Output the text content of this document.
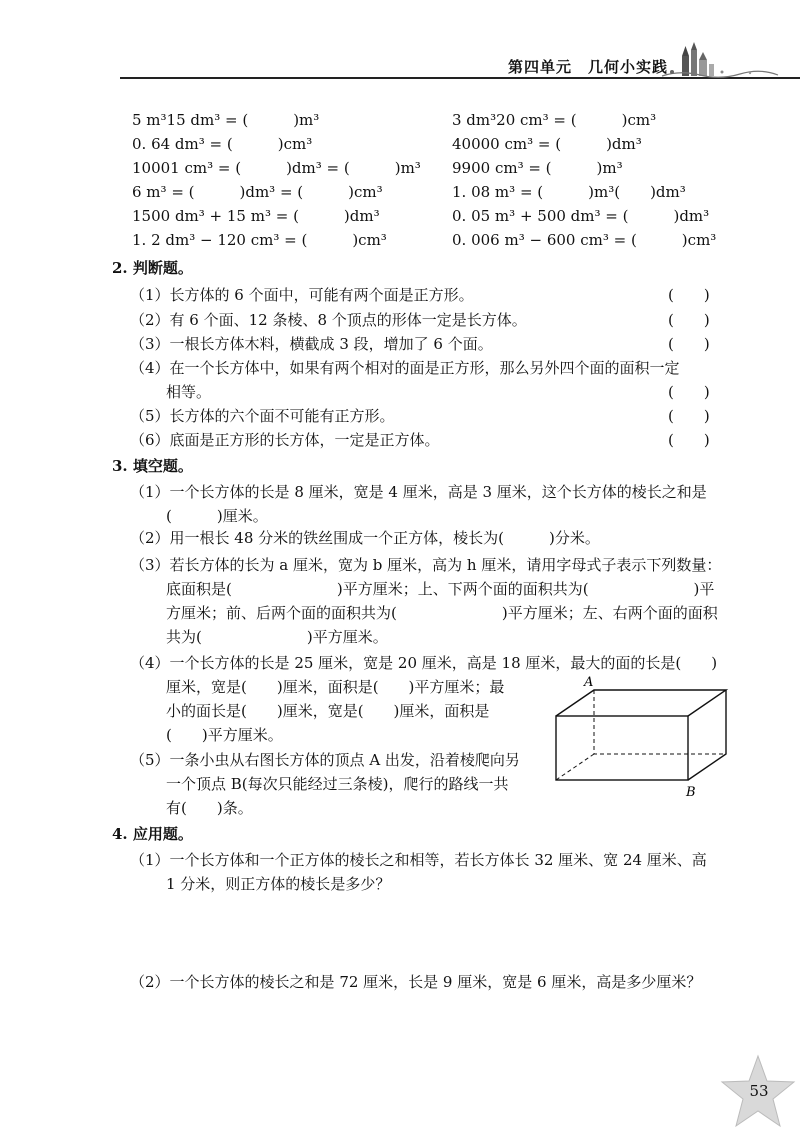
第四单元　几何小实践
5 m³15 dm³ = (　　　)m³
0. 64 dm³ = (　　　)cm³
10001 cm³ = (　　　)dm³ = (　　　)m³
6 m³ = (　　　)dm³ = (　　　)cm³
1500 dm³ + 15 m³ = (　　　)dm³
1. 2 dm³ − 120 cm³ = (　　　)cm³
3 dm³20 cm³ = (　　　)cm³
40000 cm³ = (　　　)dm³
9900 cm³ = (　　　)m³
1. 08 m³ = (　　　)m³(　　)dm³
0. 05 m³ + 500 dm³ = (　　　)dm³
0. 006 m³ − 600 cm³ = (　　　)cm³
2. 判断题。
（1）长方体的 6 个面中，可能有两个面是正方形。	(　　)
（2）有 6 个面、12 条棱、8 个顶点的形体一定是长方体。	(　　)
（3）一根长方体木料，横截成 3 段，增加了 6 个面。	(　　)
（4）在一个长方体中，如果有两个相对的面是正方形，那么另外四个面的面积一定
相等。	(　　)
（5）长方体的六个面不可能有正方形。	(　　)
（6）底面是正方形的长方体，一定是正方体。	(　　)
3. 填空题。
（1）一个长方体的长是 8 厘米，宽是 4 厘米，高是 3 厘米，这个长方体的棱长之和是
(　　　)厘米。
（2）用一根长 48 分米的铁丝围成一个正方体，棱长为(　　　)分米。
（3）若长方体的长为 a 厘米，宽为 b 厘米，高为 h 厘米，请用字母式子表示下列数量：
底面积是(　　　　　　　)平方厘米；上、下两个面的面积共为(　　　　　　　)平
方厘米；前、后两个面的面积共为(　　　　　　　)平方厘米；左、右两个面的面积
共为(　　　　　　　)平方厘米。
（4）一个长方体的长是 25 厘米，宽是 20 厘米，高是 18 厘米，最大的面的长是(　　)
厘米，宽是(　　)厘米，面积是(　　)平方厘米；最
小的面长是(　　)厘米，宽是(　　)厘米，面积是
(　　)平方厘米。
（5）一条小虫从右图长方体的顶点 A 出发，沿着棱爬向另
一个顶点 B(每次只能经过三条棱)，爬行的路线一共
有(　　)条。
A
B
4. 应用题。
（1）一个长方体和一个正方体的棱长之和相等，若长方体长 32 厘米、宽 24 厘米、高
1 分米，则正方体的棱长是多少？
（2）一个长方体的棱长之和是 72 厘米，长是 9 厘米，宽是 6 厘米，高是多少厘米？
53
